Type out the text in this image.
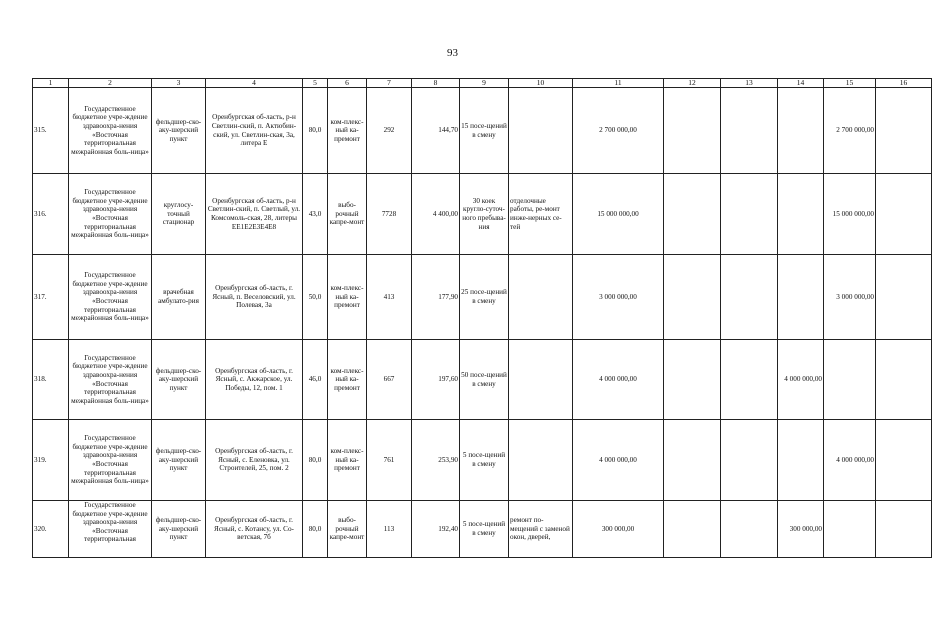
93
1	2	3	4	5	6	7	8	9	10	11	12	13	14	15	16
315.	Государственное бюджетное учре-ждение здравоохра-нения «Восточная территориальная межрайонная боль-ница»	фельдшер-ско-аку-шерский пункт	Оренбургская об-ласть, р-н Светлин-ский, п. Актюбин-ский, ул. Светлин-ская, 3а, литера Е	80,0	ком-плекс-ный ка-премонт	292	144,70	15 посе-щений в смену		2 700 000,00				2 700 000,00	
316.	Государственное бюджетное учре-ждение здравоохра-нения «Восточная территориальная межрайонная боль-ница»	круглосу-точный стационар	Оренбургская об-ласть, р-н Светлин-ский, п. Светлый, ул. Комсомоль-ская, 28, литеры ЕЕ1Е2Е3Е4Е8	43,0	выбо-рочный капре-монт	7728	4 400,00	30 коек кругло-суточ-ного пребыва-ния	отделочные работы, ре-монт инже-нерных се-тей	15 000 000,00				15 000 000,00	
317.	Государственное бюджетное учре-ждение здравоохра-нения «Восточная территориальная межрайонная боль-ница»	врачебная амбулато-рия	Оренбургская об-ласть, г. Ясный, п. Веселовский, ул. Полевая, 3а	50,0	ком-плекс-ный ка-премонт	413	177,90	25 посе-щений в смену		3 000 000,00				3 000 000,00	
318.	Государственное бюджетное учре-ждение здравоохра-нения «Восточная территориальная межрайонная боль-ница»	фельдшер-ско-аку-шерский пункт	Оренбургская об-ласть, г. Ясный, с. Акжарское, ул. Победы, 12, пом. 1	46,0	ком-плекс-ный ка-премонт	667	197,60	50 посе-щений в смену		4 000 000,00			4 000 000,00		
319.	Государственное бюджетное учре-ждение здравоохра-нения «Восточная территориальная межрайонная боль-ница»	фельдшер-ско-аку-шерский пункт	Оренбургская об-ласть, г. Ясный, с. Еленовка, ул. Строителей, 25, пом. 2	80,0	ком-плекс-ный ка-премонт	761	253,90	5 посе-щений в смену		4 000 000,00				4 000 000,00	
320.	Государственное бюджетное учре-ждение здравоохра-нения «Восточная территориальная	фельдшер-ско-аку-шерский пункт	Оренбургская об-ласть, г. Ясный, с. Котансу, ул. Со-ветская, 7б	80,0	выбо-рочный капре-монт	113	192,40	5 посе-щений в смену	ремонт по-мещений с заменой окон, дверей,	300 000,00			300 000,00		
